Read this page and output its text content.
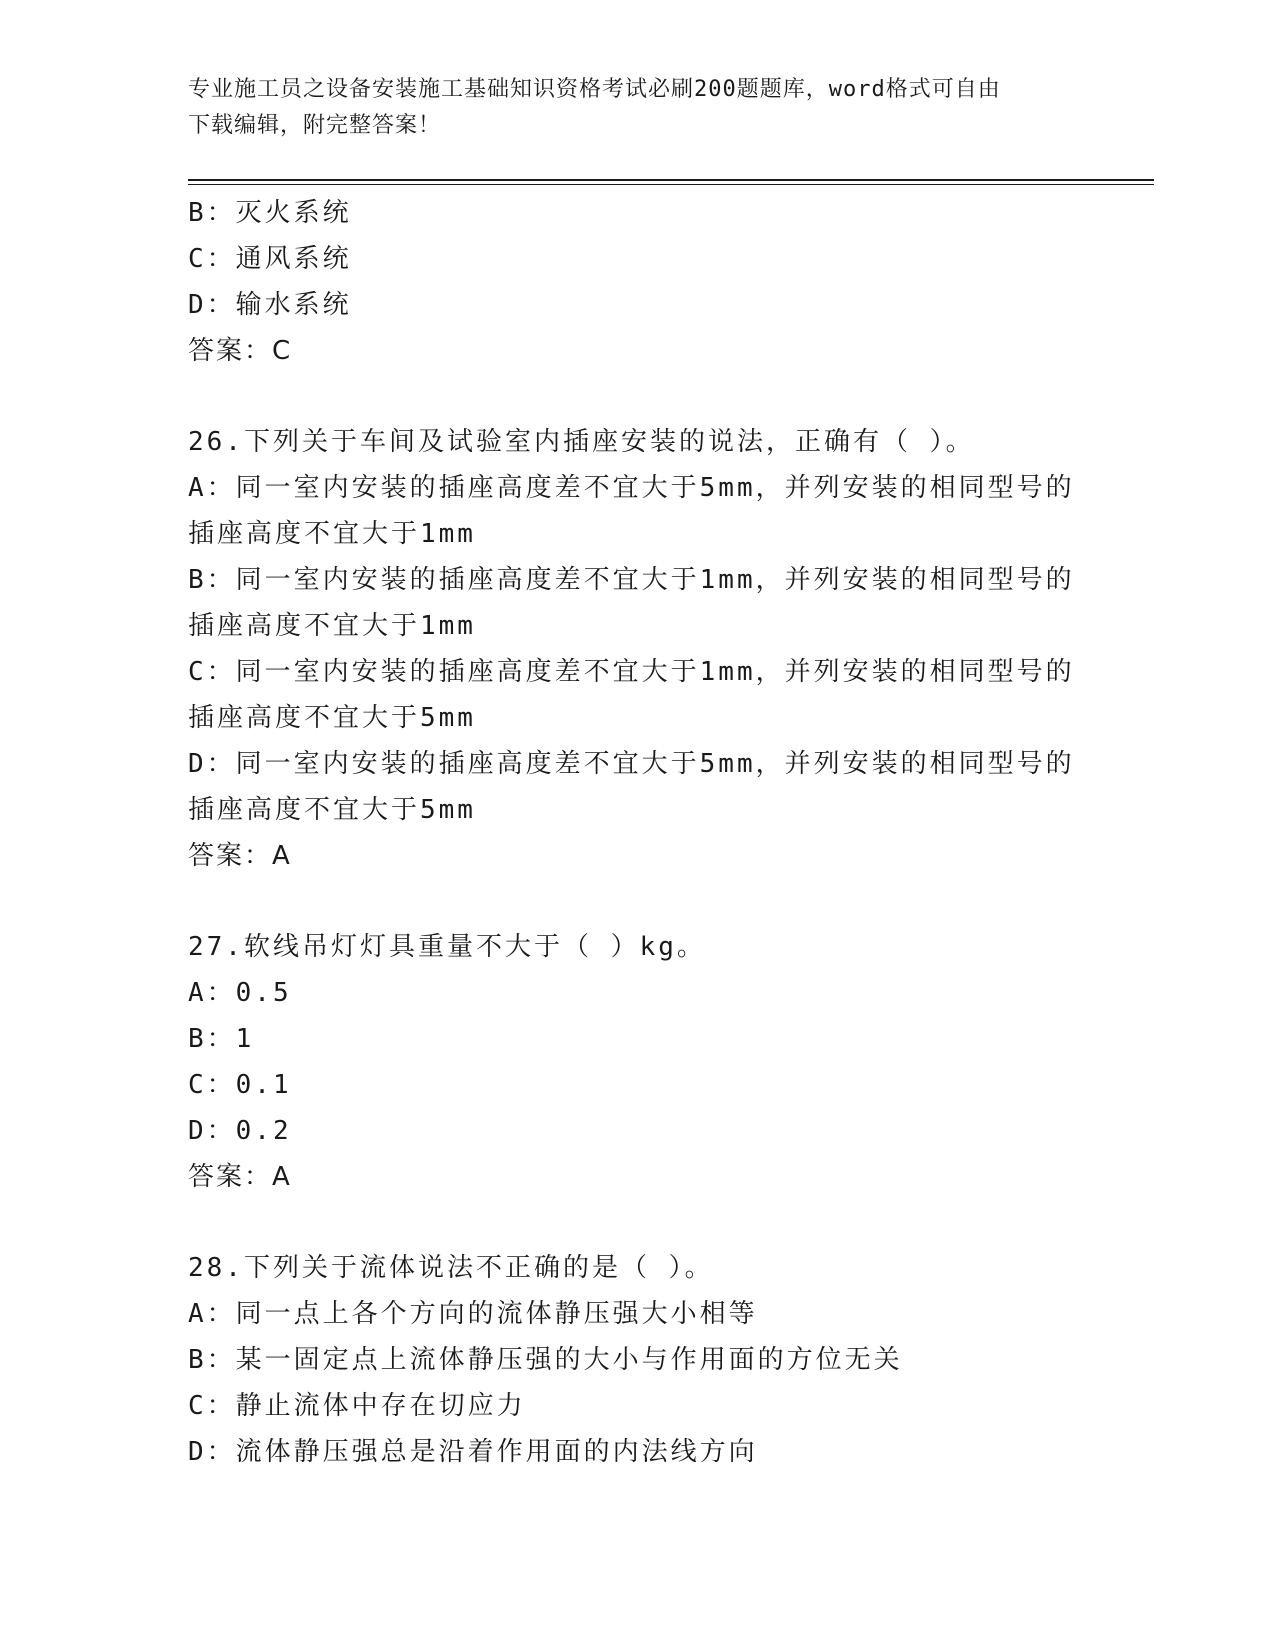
专业施工员之设备安装施工基础知识资格考试必刷200题题库，word格式可自由
下载编辑，附完整答案！
B：灭火系统
C：通风系统
D：输水系统
答案：C
26.下列关于车间及试验室内插座安装的说法，正确有（ ）。
A：同一室内安装的插座高度差不宜大于5mm，并列安装的相同型号的
插座高度不宜大于1mm
B：同一室内安装的插座高度差不宜大于1mm，并列安装的相同型号的
插座高度不宜大于1mm
C：同一室内安装的插座高度差不宜大于1mm，并列安装的相同型号的
插座高度不宜大于5mm
D：同一室内安装的插座高度差不宜大于5mm，并列安装的相同型号的
插座高度不宜大于5mm
答案：A
27.软线吊灯灯具重量不大于（ ）kg。
A：0.5
B：1
C：0.1
D：0.2
答案：A
28.下列关于流体说法不正确的是（ ）。
A：同一点上各个方向的流体静压强大小相等
B：某一固定点上流体静压强的大小与作用面的方位无关
C：静止流体中存在切应力
D：流体静压强总是沿着作用面的内法线方向
